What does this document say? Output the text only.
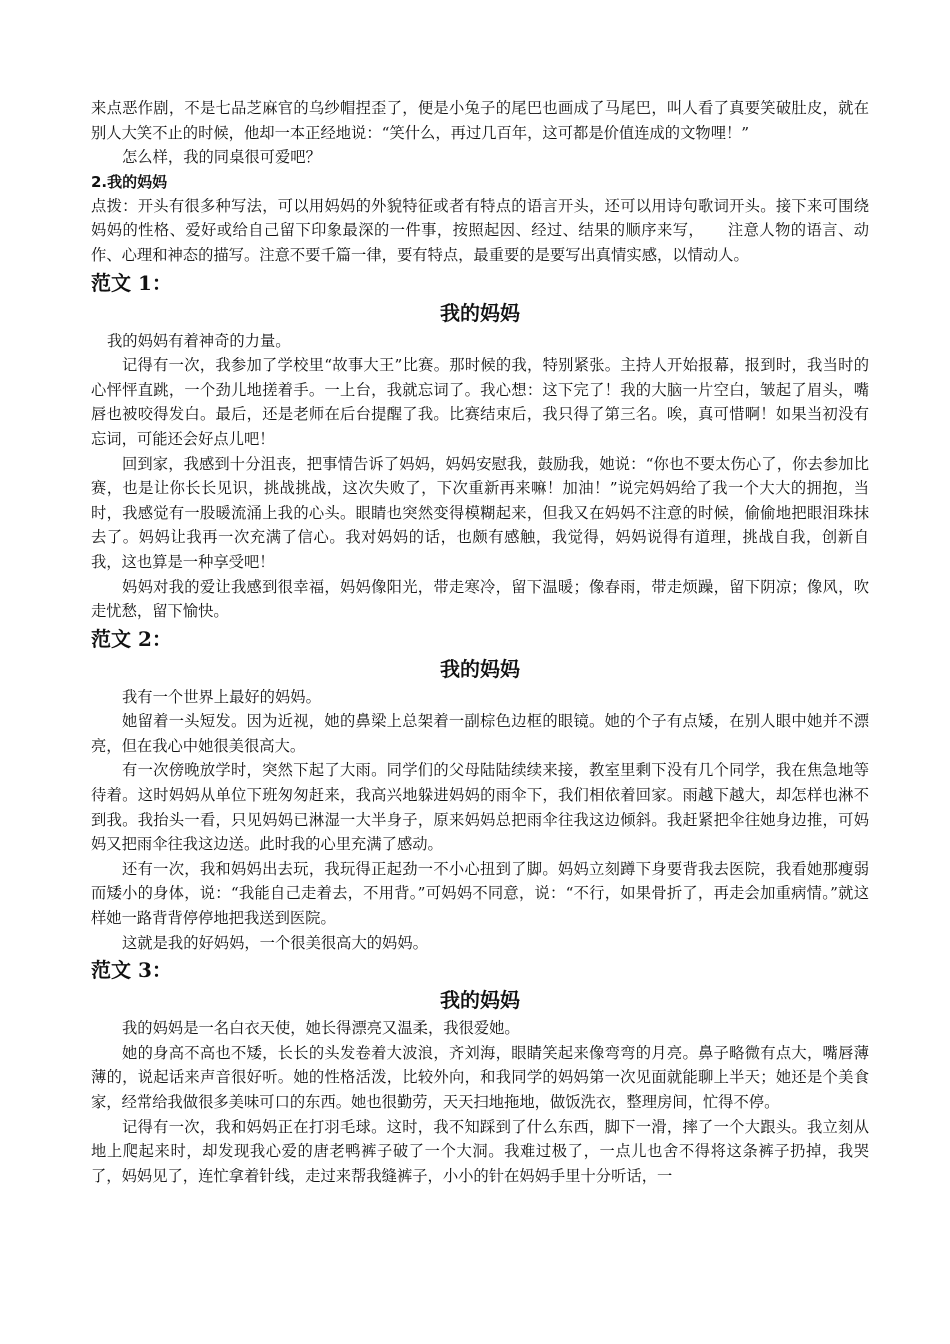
来点恶作剧，不是七品芝麻官的乌纱帽捏歪了，便是小兔子的尾巴也画成了马尾巴，叫人看了真要笑破肚皮，就在别人大笑不止的时候，他却一本正经地说：“笑什么，再过几百年，这可都是价值连成的文物哩！”

怎么样，我的同桌很可爱吧？

2.我的妈妈

点拨：开头有很多种写法，可以用妈妈的外貌特征或者有特点的语言开头，还可以用诗句歌词开头。接下来可围绕妈妈的性格、爱好或给自己留下印象最深的一件事，按照起因、经过、结果的顺序来写，　　注意人物的语言、动作、心理和神态的描写。注意不要千篇一律，要有特点，最重要的是要写出真情实感，以情动人。

范文 1：
我的妈妈

我的妈妈有着神奇的力量。

记得有一次，我参加了学校里“故事大王”比赛。那时候的我，特别紧张。主持人开始报幕，报到时，我当时的心怦怦直跳，一个劲儿地搓着手。一上台，我就忘词了。我心想：这下完了！我的大脑一片空白，皱起了眉头，嘴唇也被咬得发白。最后，还是老师在后台提醒了我。比赛结束后，我只得了第三名。唉，真可惜啊！如果当初没有忘词，可能还会好点儿吧！

回到家，我感到十分沮丧，把事情告诉了妈妈，妈妈安慰我，鼓励我，她说：“你也不要太伤心了，你去参加比赛，也是让你长长见识，挑战挑战，这次失败了，下次重新再来嘛！加油！”说完妈妈给了我一个大大的拥抱，当时，我感觉有一股暖流涌上我的心头。眼睛也突然变得模糊起来，但我又在妈妈不注意的时候，偷偷地把眼泪珠抹去了。妈妈让我再一次充满了信心。我对妈妈的话，也颇有感触，我觉得，妈妈说得有道理，挑战自我，创新自我，这也算是一种享受吧！

妈妈对我的爱让我感到很幸福，妈妈像阳光，带走寒冷，留下温暖；像春雨，带走烦躁，留下阴凉；像风，吹走忧愁，留下愉快。

范文 2：
我的妈妈

我有一个世界上最好的妈妈。

她留着一头短发。因为近视，她的鼻梁上总架着一副棕色边框的眼镜。她的个子有点矮，在别人眼中她并不漂亮，但在我心中她很美很高大。

有一次傍晚放学时，突然下起了大雨。同学们的父母陆陆续续来接，教室里剩下没有几个同学，我在焦急地等待着。这时妈妈从单位下班匆匆赶来，我高兴地躲进妈妈的雨伞下，我们相依着回家。雨越下越大，却怎样也淋不到我。我抬头一看，只见妈妈已淋湿一大半身子，原来妈妈总把雨伞往我这边倾斜。我赶紧把伞往她身边推，可妈妈又把雨伞往我这边送。此时我的心里充满了感动。

还有一次，我和妈妈出去玩，我玩得正起劲一不小心扭到了脚。妈妈立刻蹲下身要背我去医院，我看她那瘦弱而矮小的身体，说：“我能自己走着去，不用背。”可妈妈不同意，说：“不行，如果骨折了，再走会加重病情。”就这样她一路背背停停地把我送到医院。

这就是我的好妈妈，一个很美很高大的妈妈。

范文 3：
我的妈妈

我的妈妈是一名白衣天使，她长得漂亮又温柔，我很爱她。

她的身高不高也不矮，长长的头发卷着大波浪，齐刘海，眼睛笑起来像弯弯的月亮。鼻子略微有点大，嘴唇薄薄的，说起话来声音很好听。她的性格活泼，比较外向，和我同学的妈妈第一次见面就能聊上半天；她还是个美食家，经常给我做很多美味可口的东西。她也很勤劳，天天扫地拖地，做饭洗衣，整理房间，忙得不停。

记得有一次，我和妈妈正在打羽毛球。这时，我不知踩到了什么东西，脚下一滑，摔了一个大跟头。我立刻从地上爬起来时，却发现我心爱的唐老鸭裤子破了一个大洞。我难过极了，一点儿也舍不得将这条裤子扔掉，我哭了，妈妈见了，连忙拿着针线，走过来帮我缝裤子，小小的针在妈妈手里十分听话，一
